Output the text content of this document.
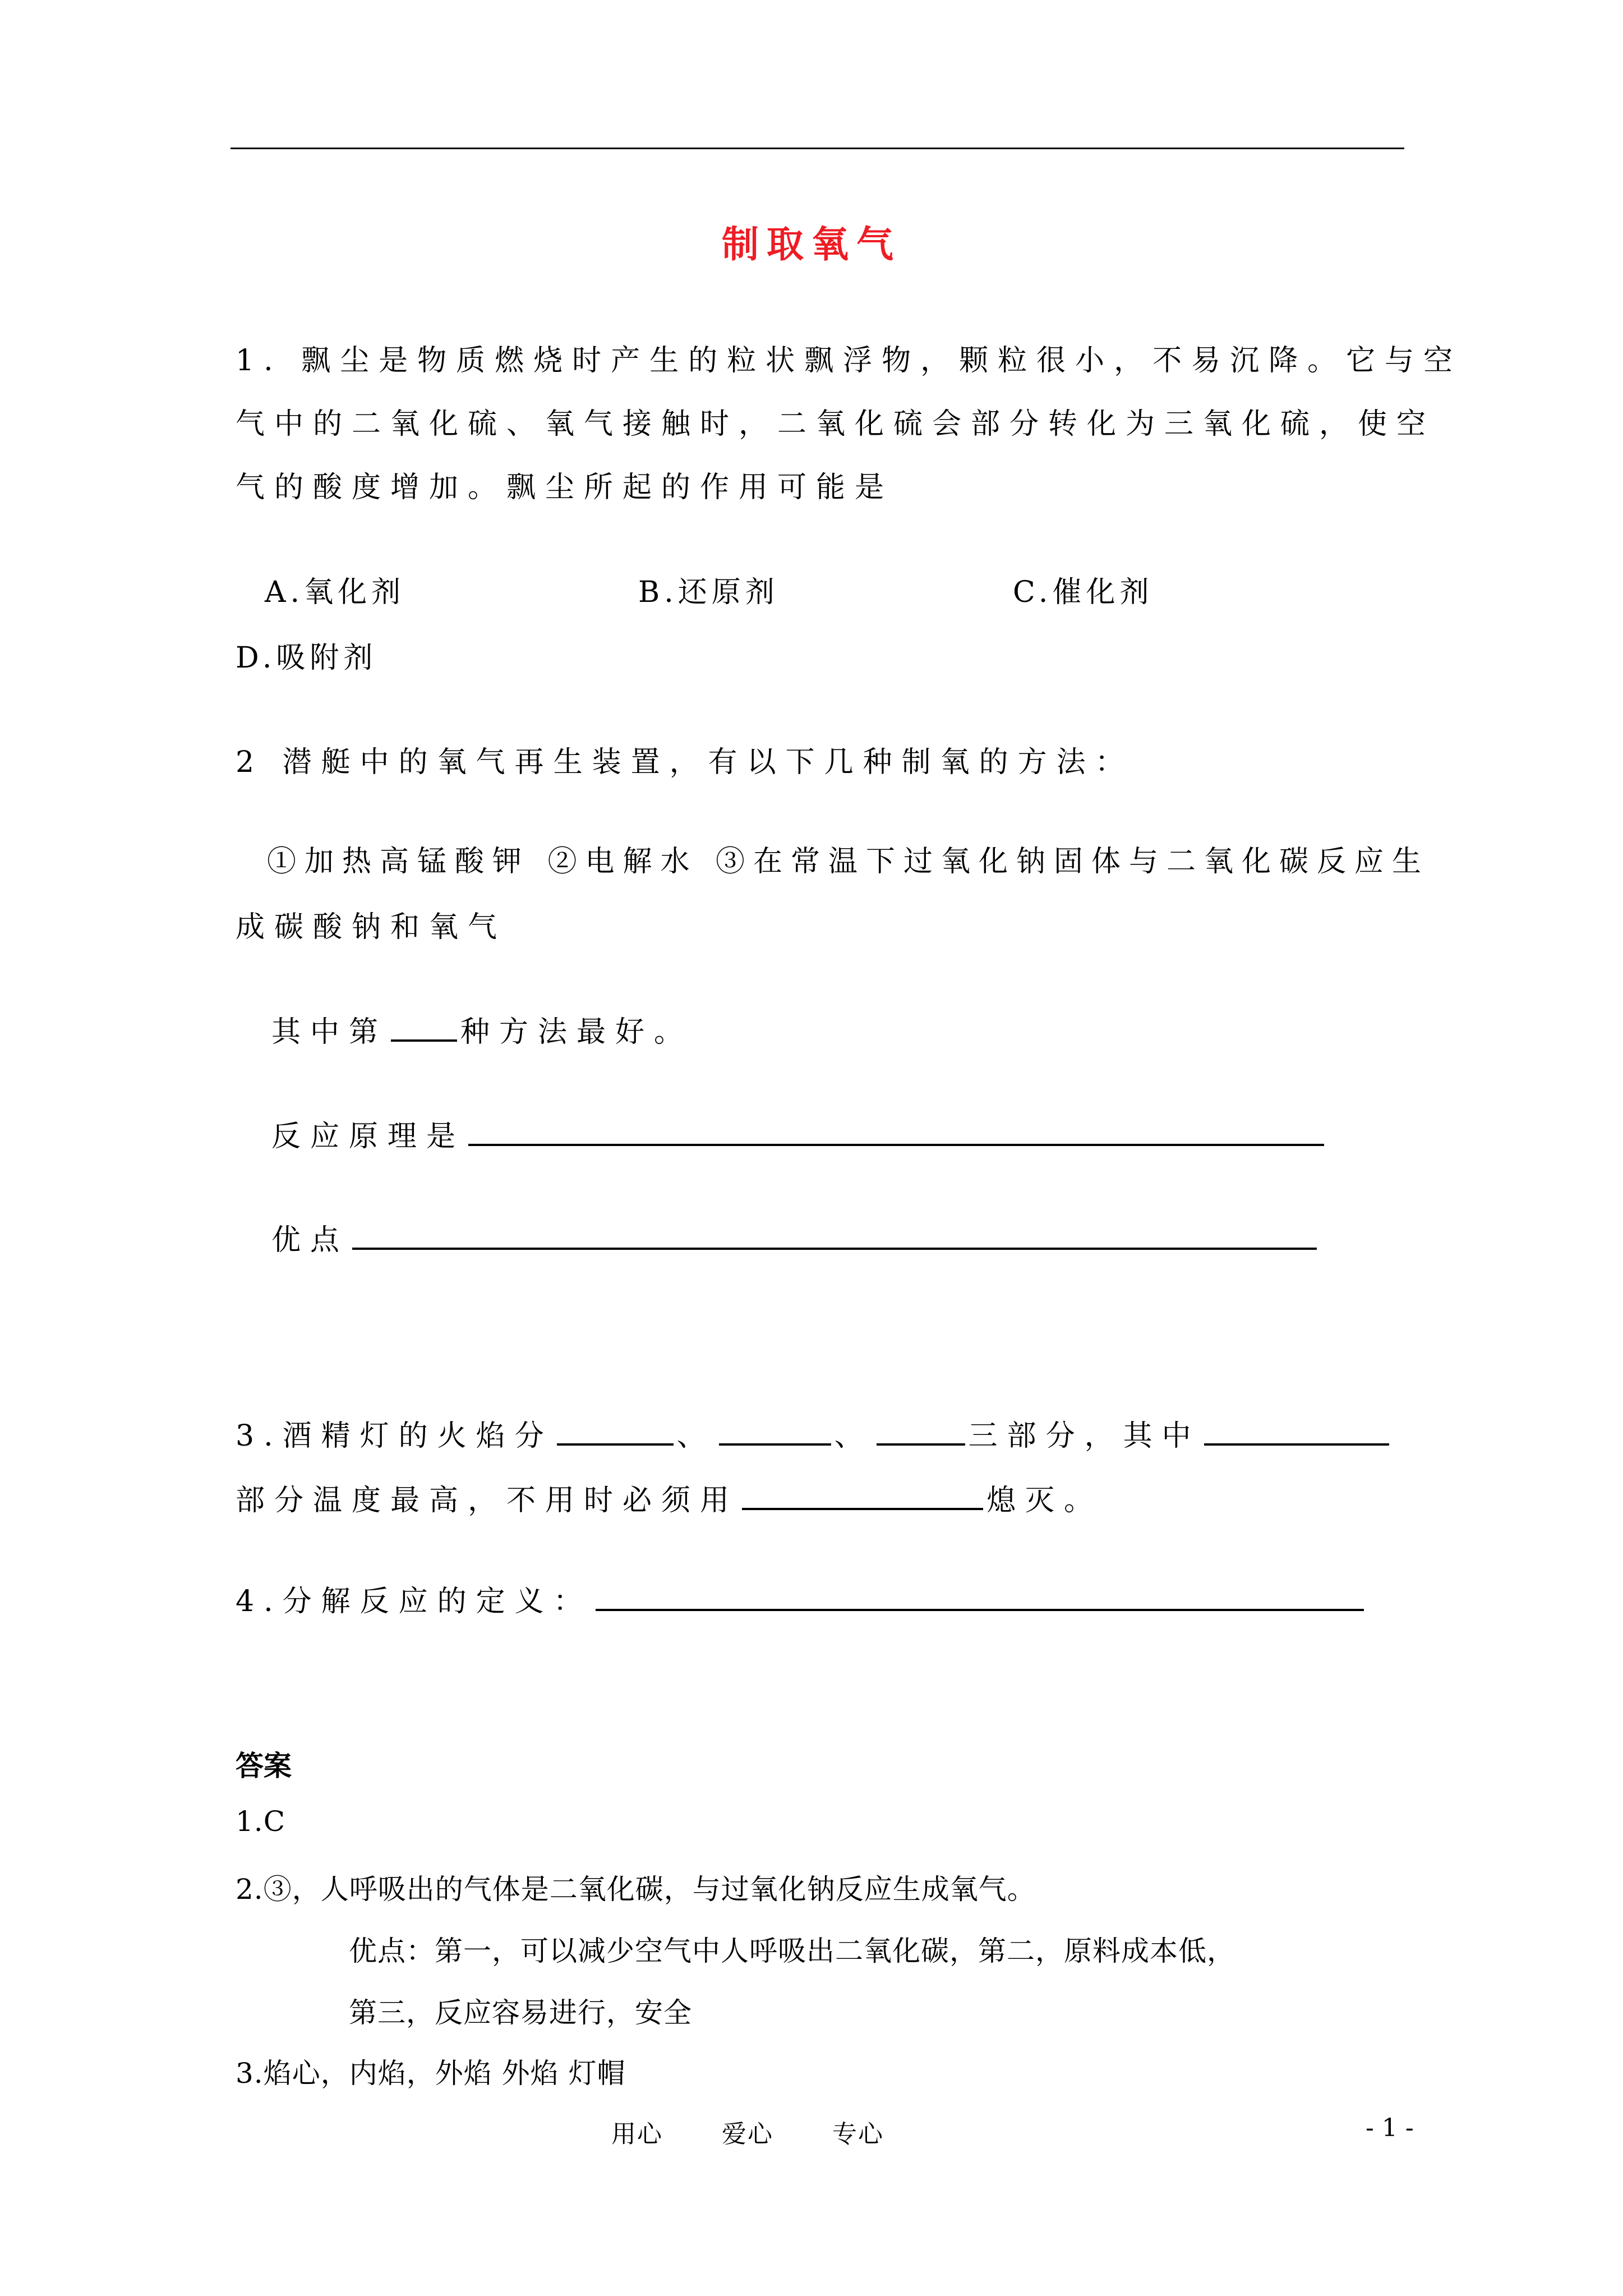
制取氧气
1. 飘尘是物质燃烧时产生的粒状飘浮物，颗粒很小，不易沉降。它与空
气中的二氧化硫、氧气接触时，二氧化硫会部分转化为三氧化硫，使空
气的酸度增加。飘尘所起的作用可能是
A.氧化剂	B.还原剂	C.催化剂
D.吸附剂
2 潜艇中的氧气再生装置，有以下几种制氧的方法：
①加热高锰酸钾 ②电解水 ③在常温下过氧化钠固体与二氧化碳反应生
成碳酸钠和氧气
其中第	种方法最好。
反应原理是
优点
3.酒精灯的火焰分	、	、	三部分，其中
部分温度最高，不用时必须用	熄灭。
4.分解反应的定义：
答案
1.C
2.③，人呼吸出的气体是二氧化碳，与过氧化钠反应生成氧气。
优点：第一，可以减少空气中人呼吸出二氧化碳，第二，原料成本低，
第三，反应容易进行，安全
3.焰心，内焰，外焰 外焰 灯帽
用心 爱心 专心	- 1 -
